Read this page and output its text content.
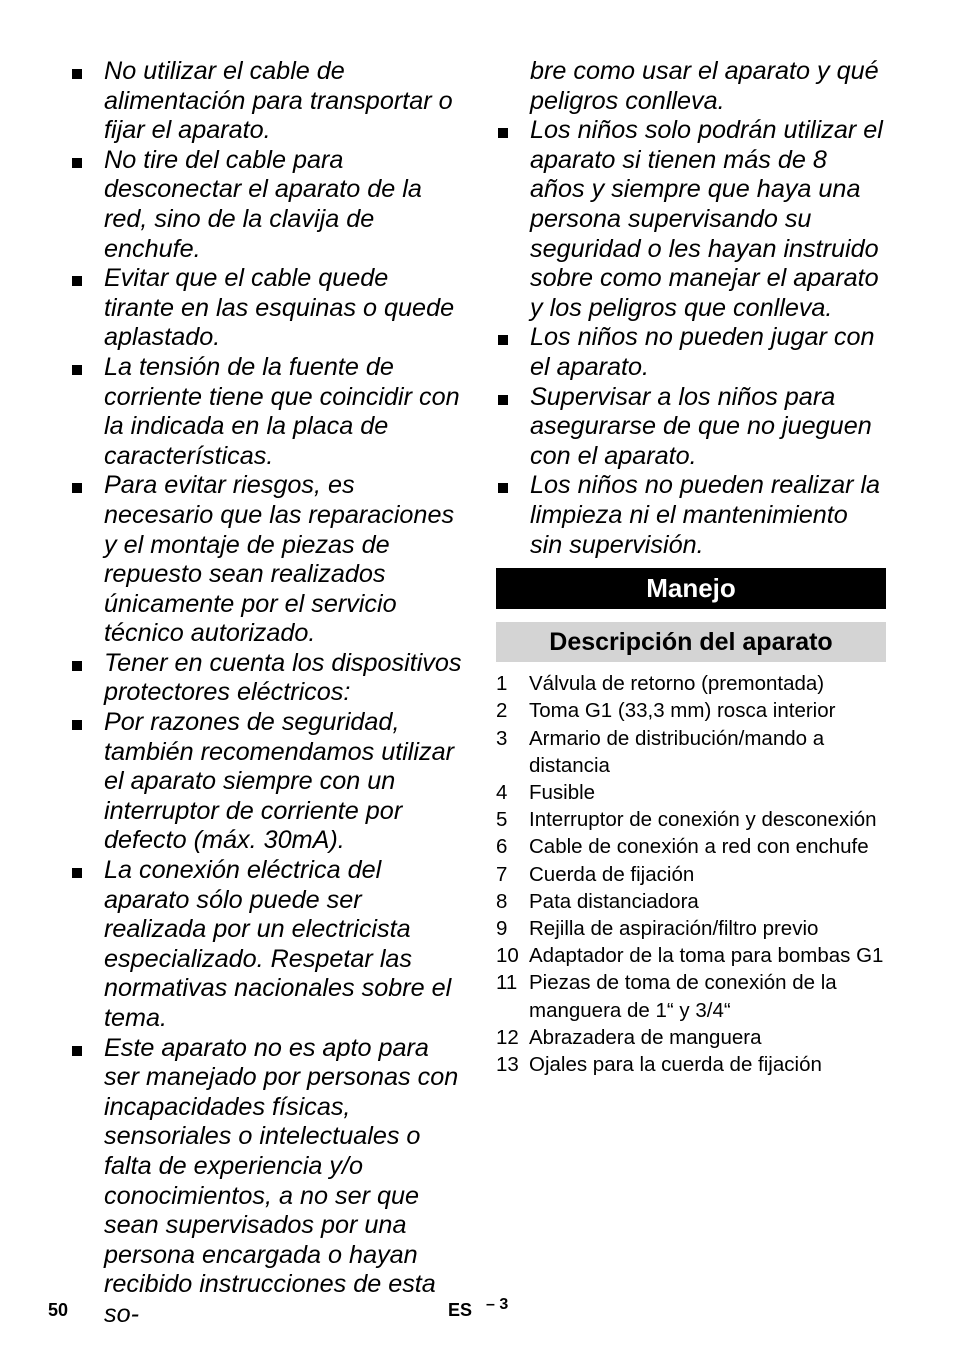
No utilizar el cable de alimentación para transportar o fijar el aparato.
No tire del cable para desconectar el aparato de la red, sino de la clavija de enchufe.
Evitar que el cable quede tirante en las esquinas o quede aplastado.
La tensión de la fuente de corriente tiene que coincidir con la indicada en la placa de características.
Para evitar riesgos, es necesario que las reparaciones y el montaje de piezas de repuesto sean realizados únicamente por el servicio técnico autorizado.
Tener en cuenta los dispositivos protectores eléctricos:
Por razones de seguridad, también recomendamos utilizar el aparato siempre con un interruptor de corriente por defecto (máx. 30mA).
La conexión eléctrica del aparato sólo puede ser realizada por un electricista especializado. Respetar las normativas nacionales sobre el tema.
Este aparato no es apto para ser manejado por personas con incapacidades físicas, sensoriales o intelectuales o falta de experiencia y/o conocimientos, a no ser que sean supervisados por una persona encargada o hayan recibido instrucciones de esta so-
bre como usar el aparato y qué peligros conlleva.
Los niños solo podrán utilizar el aparato si tienen más de 8 años y siempre que haya una persona supervisando su seguridad o les hayan instruido sobre como manejar el aparato y los peligros que conlleva.
Los niños no pueden jugar con el aparato.
Supervisar a los niños para asegurarse de que no jueguen con el aparato.
Los niños no pueden realizar la limpieza ni el mantenimiento sin supervisión.
Manejo
Descripción del aparato
1 Válvula de retorno (premontada)
2 Toma G1 (33,3 mm) rosca interior
3 Armario de distribución/mando a distancia
4 Fusible
5 Interruptor de conexión y desconexión
6 Cable de conexión a red con enchufe
7 Cuerda de fijación
8 Pata distanciadora
9 Rejilla de aspiración/filtro previo
10 Adaptador de la toma para bombas G1
11 Piezas de toma de conexión de la manguera de 1“ y 3/4“
12 Abrazadera de manguera
13 Ojales para la cuerda de fijación
50	ES – 3
